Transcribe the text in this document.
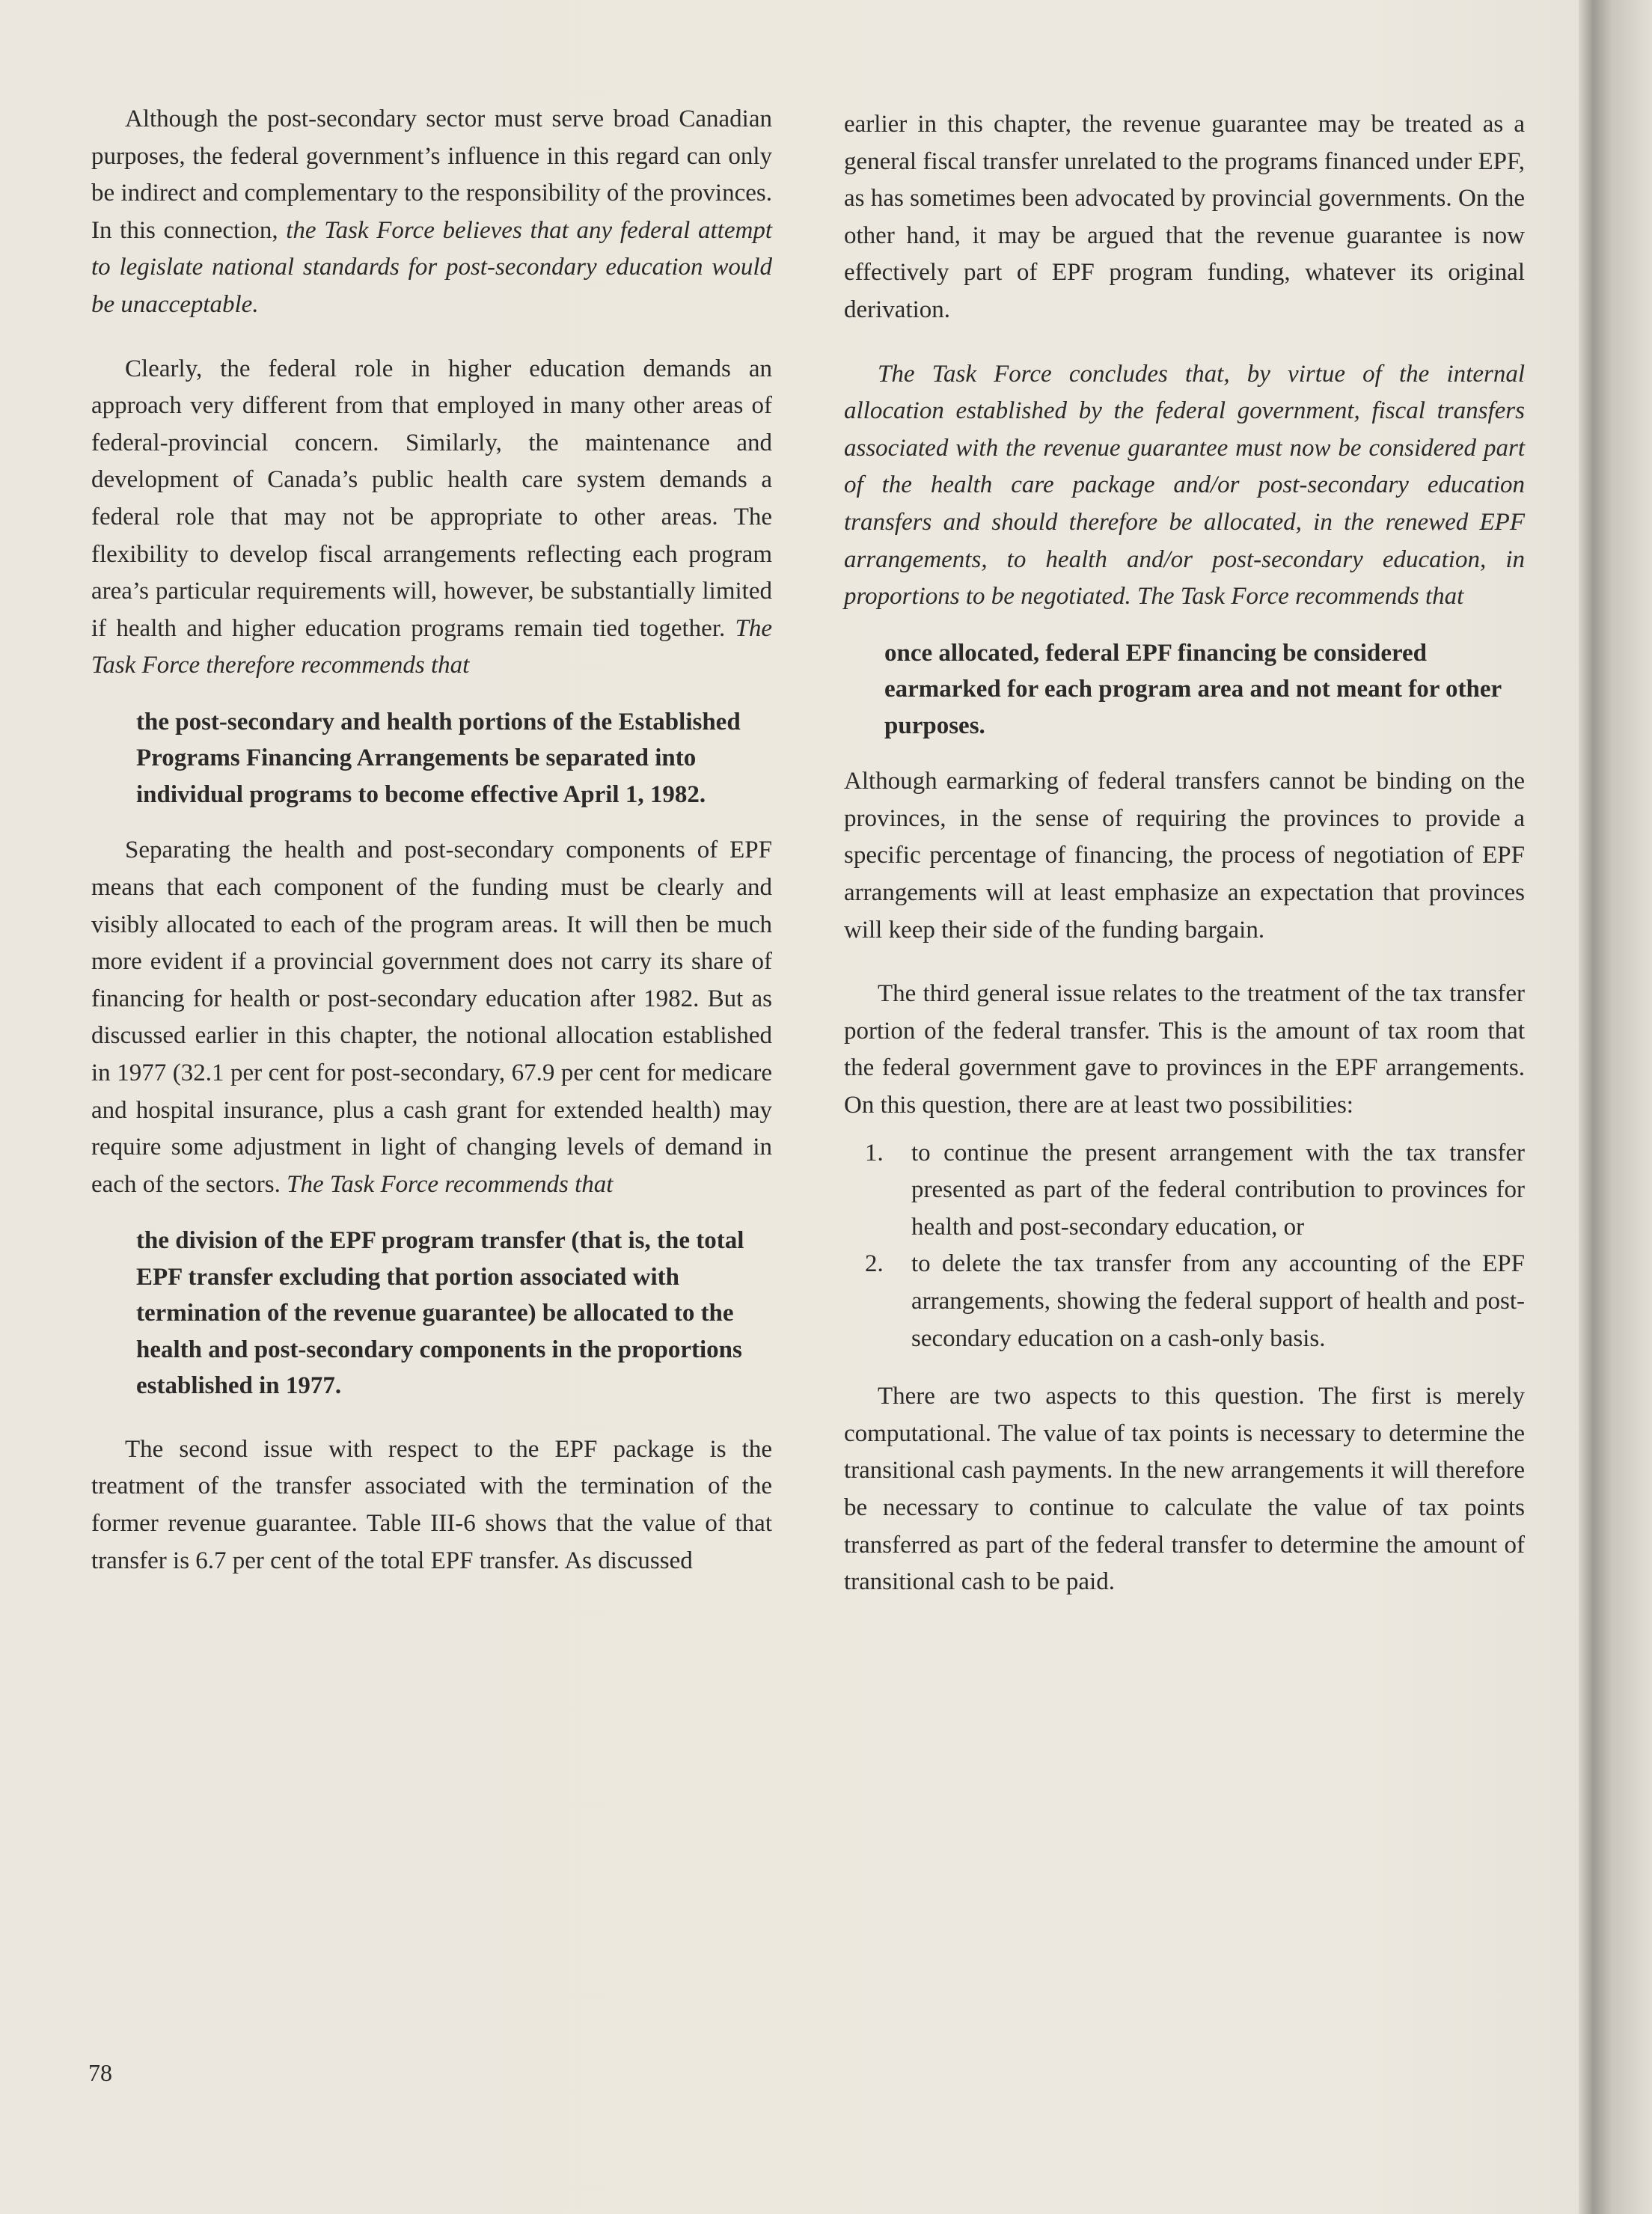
Although the post-secondary sector must serve broad Canadian purposes, the federal government’s influence in this regard can only be indirect and complementary to the responsibility of the provinces. In this connection, the Task Force believes that any federal attempt to legislate national standards for post-secondary education would be unacceptable.

Clearly, the federal role in higher education demands an approach very different from that employed in many other areas of federal-provincial concern. Similarly, the maintenance and development of Canada’s public health care system demands a federal role that may not be appropriate to other areas. The flexibility to develop fiscal arrangements reflecting each program area’s particular requirements will, however, be substantially limited if health and higher education programs remain tied together. The Task Force therefore recommends that

the post-secondary and health portions of the Established Programs Financing Arrangements be separated into individual programs to become effective April 1, 1982.

Separating the health and post-secondary components of EPF means that each component of the funding must be clearly and visibly allocated to each of the program areas. It will then be much more evident if a provincial government does not carry its share of financing for health or post-secondary education after 1982. But as discussed earlier in this chapter, the notional allocation established in 1977 (32.1 per cent for post-secondary, 67.9 per cent for medicare and hospital insurance, plus a cash grant for extended health) may require some adjustment in light of changing levels of demand in each of the sectors. The Task Force recommends that

the division of the EPF program transfer (that is, the total EPF transfer excluding that portion associated with termination of the revenue guarantee) be allocated to the health and post-secondary components in the proportions established in 1977.

The second issue with respect to the EPF package is the treatment of the transfer associated with the termination of the former revenue guarantee. Table III-6 shows that the value of that transfer is 6.7 per cent of the total EPF transfer. As discussed

earlier in this chapter, the revenue guarantee may be treated as a general fiscal transfer unrelated to the programs financed under EPF, as has sometimes been advocated by provincial governments. On the other hand, it may be argued that the revenue guarantee is now effectively part of EPF program funding, whatever its original derivation.

The Task Force concludes that, by virtue of the internal allocation established by the federal government, fiscal transfers associated with the revenue guarantee must now be considered part of the health care package and/or post-secondary education transfers and should therefore be allocated, in the renewed EPF arrangements, to health and/or post-secondary education, in proportions to be negotiated. The Task Force recommends that

once allocated, federal EPF financing be considered earmarked for each program area and not meant for other purposes.

Although earmarking of federal transfers cannot be binding on the provinces, in the sense of requiring the provinces to provide a specific percentage of financing, the process of negotiation of EPF arrangements will at least emphasize an expectation that provinces will keep their side of the funding bargain.

The third general issue relates to the treatment of the tax transfer portion of the federal transfer. This is the amount of tax room that the federal government gave to provinces in the EPF arrangements. On this question, there are at least two possibilities:

1. to continue the present arrangement with the tax transfer presented as part of the federal contribution to provinces for health and post-secondary education, or
2. to delete the tax transfer from any accounting of the EPF arrangements, showing the federal support of health and post-secondary education on a cash-only basis.

There are two aspects to this question. The first is merely computational. The value of tax points is necessary to determine the transitional cash payments. In the new arrangements it will therefore be necessary to continue to calculate the value of tax points transferred as part of the federal transfer to determine the amount of transitional cash to be paid.

78
